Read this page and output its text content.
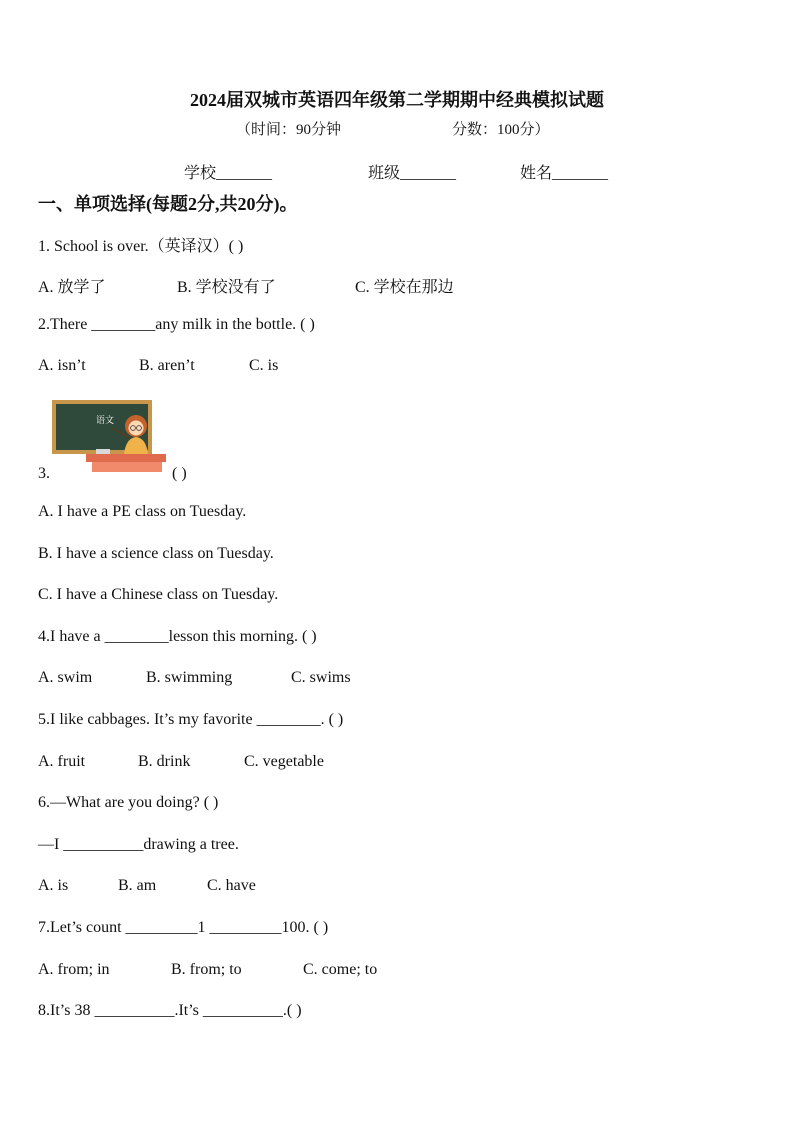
2024届双城市英语四年级第二学期期中经典模拟试题
（时间：90分钟	分数：100分）
学校_______	班级_______	姓名_______
一、单项选择(每题2分,共20分)。
1. School is over.（英译汉）( )
A. 放学了	B. 学校没有了	C. 学校在那边
2.There ________any milk in the bottle. ( )
A. isn’t	B. aren’t	C. is
语文
3.	( )
A. I have a PE class on Tuesday.
B. I have a science class on Tuesday.
C. I have a Chinese class on Tuesday.
4.I have a ________lesson this morning. ( )
A. swim	B. swimming	C. swims
5.I like cabbages. It’s my favorite ________. ( )
A. fruit	B. drink	C. vegetable
6.—What are you doing? ( )
—I __________drawing a tree.
A. is	B. am	C. have
7.Let’s count _________1 _________100. ( )
A. from; in	B. from; to	C. come; to
8.It’s 38 __________.It’s __________.( )
